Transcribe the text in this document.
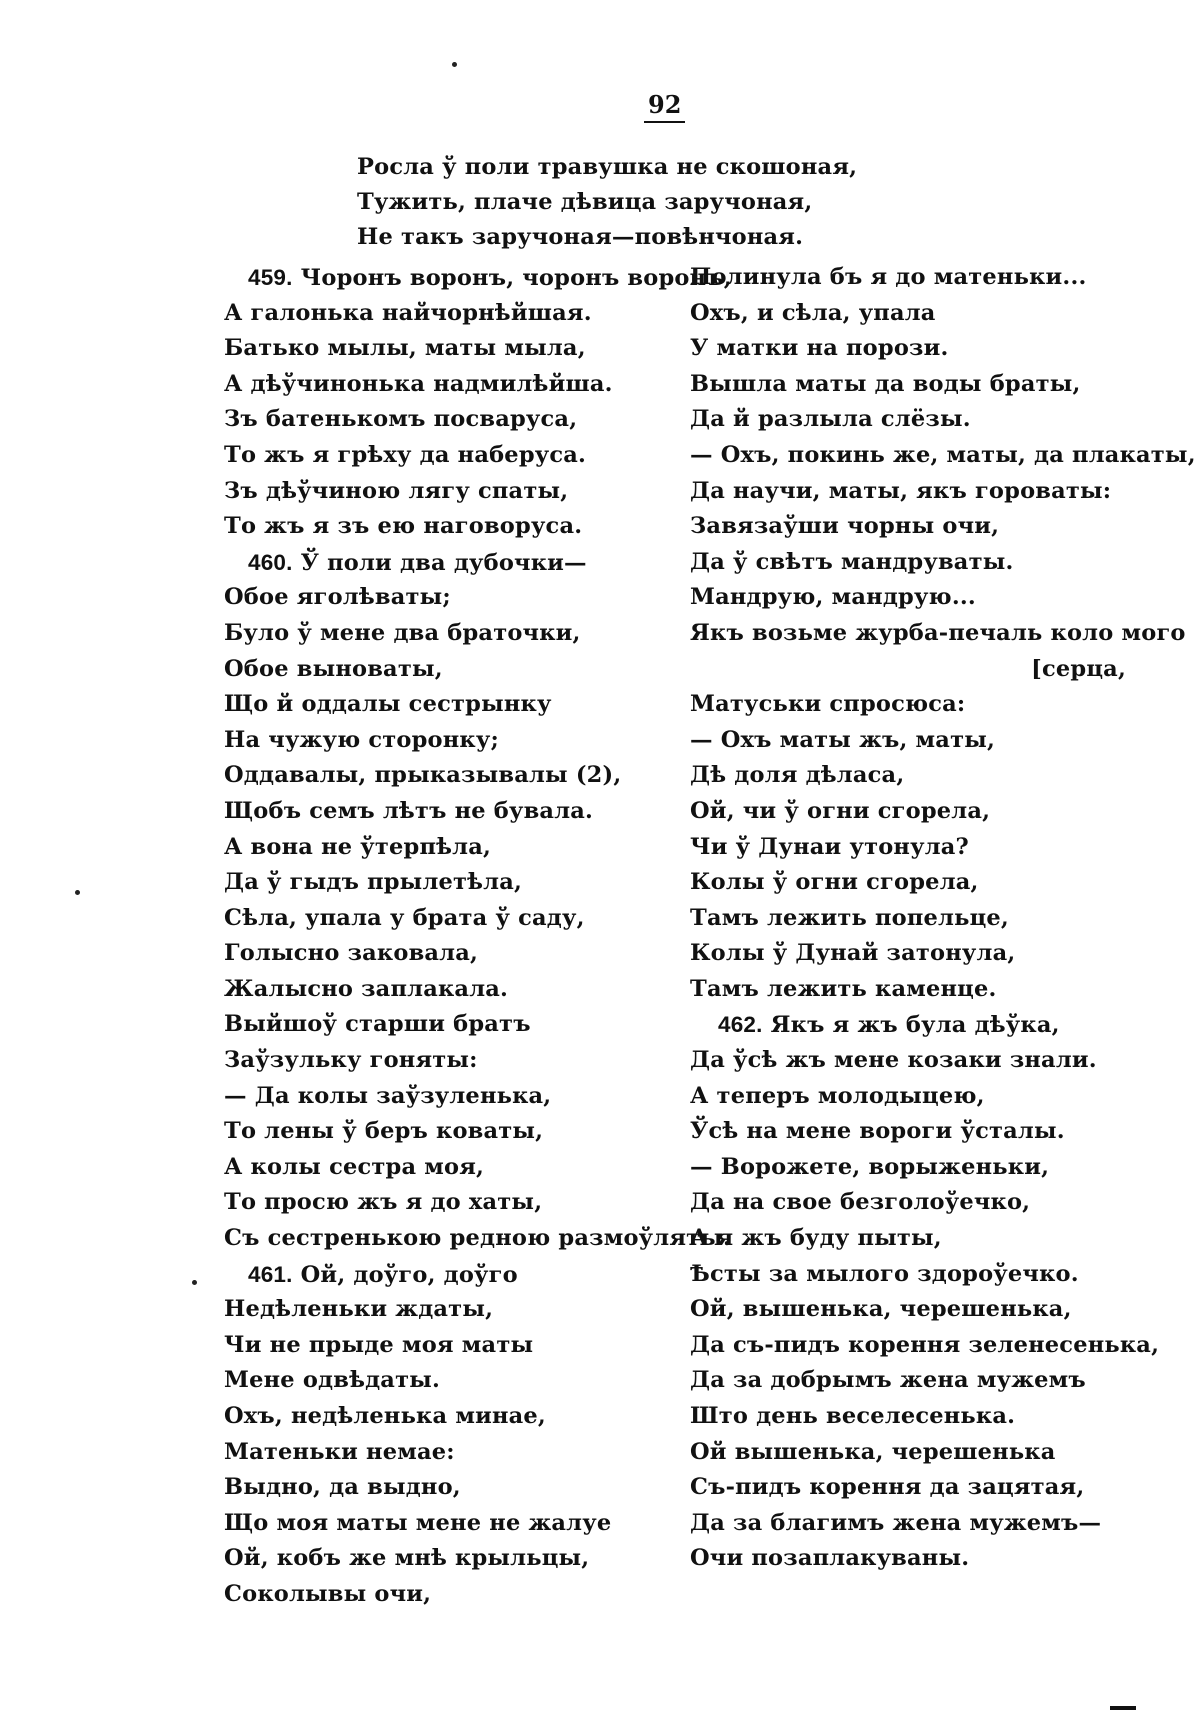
92
Росла ў поли травушка не скошоная,
Тужить, плаче дѣвица заручоная,
Не такъ заручоная—повѣнчоная.
459. Чоронъ воронъ, чоронъ воронъ,
А галонька найчорнѣйшая.
Батько мылы, маты мыла,
А дѣўчинонька надмилѣйша.
Зъ батенькомъ посваруса,
То жъ я грѣху да наберуса.
Зъ дѣўчиною лягу спаты,
То жъ я зъ ею наговоруса.
460. Ў поли два дубочки—
Обое яголѣваты;
Було ў мене два браточки,
Обое выноваты,
Що й оддалы сестрынку
На чужую сторонку;
Оддавалы, прыказывалы (2),
Щобъ семъ лѣтъ не бувала.
А вона не ўтерпѣла,
Да ў гыдъ прылетѣла,
Сѣла, упала у брата ў саду,
Голысно заковала,
Жалысно заплакала.
Выйшоў старши братъ
Заўзульку гоняты:
— Да колы заўзуленька,
То лены ў беръ коваты,
А колы сестра моя,
То просю жъ я до хаты,
Съ сестренькою редною размоўляты.
461. Ой, доўго, доўго
Недѣленьки ждаты,
Чи не прыде моя маты
Мене одвѣдаты.
Охъ, недѣленька минае,
Матеньки немае:
Выдно, да выдно,
Що моя маты мене не жалуе
Ой, кобъ же мнѣ крыльцы,
Соколывы очи,
Полинула бъ я до матеньки...
Охъ, и сѣла, упала
У матки на порози.
Вышла маты да воды браты,
Да й разлыла слёзы.
— Охъ, покинь же, маты, да плакаты,
Да научи, маты, якъ гороваты:
Завязаўши чорны очи,
Да ў свѣтъ мандруваты.
Мандрую, мандрую...
Якъ возьме журба-печаль коло мого
[серца,
Матуськи спросюса:
— Охъ маты жъ, маты,
Дѣ доля дѣласа,
Ой, чи ў огни сгорела,
Чи ў Дунаи утонула?
Колы ў огни сгорела,
Тамъ лежить попельце,
Колы ў Дунай затонула,
Тамъ лежить каменце.
462. Якъ я жъ була дѣўка,
Да ўсѣ жъ мене козаки знали.
А теперъ молодыцею,
Ўсѣ на мене вороги ўсталы.
— Ворожете, ворыженьки,
Да на свое безголоўечко,
А я жъ буду пыты,
Ѣсты за мылого здороўечко.
Ой, вышенька, черешенька,
Да съ-пидъ корення зеленесенька,
Да за добрымъ жена мужемъ
Што день веселесенька.
Ой вышенька, черешенька
Съ-пидъ корення да зацятая,
Да за благимъ жена мужемъ—
Очи позаплакуваны.
